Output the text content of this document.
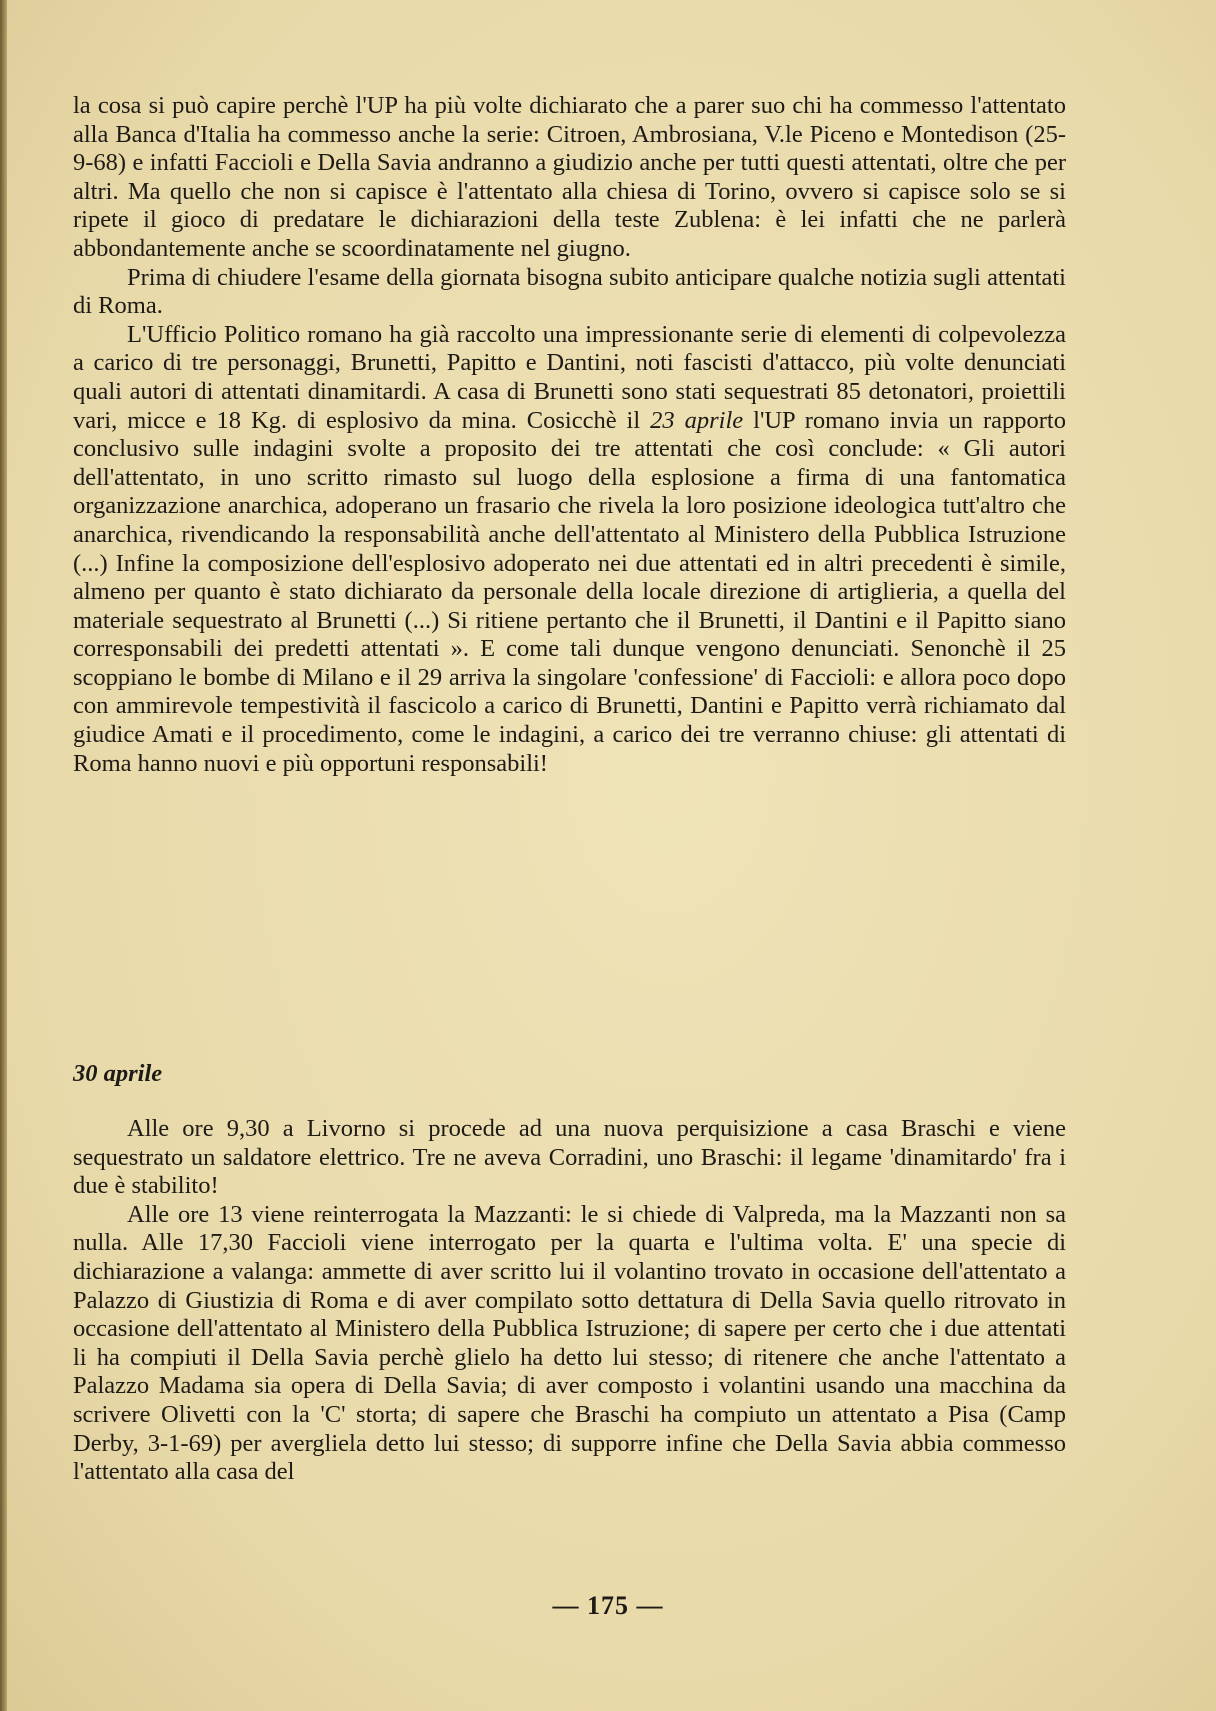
la cosa si può capire perchè l'UP ha più volte dichiarato che a parer suo chi ha commesso l'attentato alla Banca d'Italia ha commesso anche la serie: Citroen, Ambrosiana, V.le Piceno e Montedison (25-9-68) e infatti Faccioli e Della Savia andranno a giudizio anche per tutti questi attentati, oltre che per altri. Ma quello che non si capisce è l'attentato alla chiesa di Torino, ovvero si capisce solo se si ripete il gioco di predatare le dichiarazioni della teste Zublena: è lei infatti che ne parlerà abbondantemente anche se scoordinatamente nel giugno.

Prima di chiudere l'esame della giornata bisogna subito anticipare qualche notizia sugli attentati di Roma.

L'Ufficio Politico romano ha già raccolto una impressionante serie di elementi di colpevolezza a carico di tre personaggi, Brunetti, Papitto e Dantini, noti fascisti d'attacco, più volte denunciati quali autori di attentati dinamitardi. A casa di Brunetti sono stati sequestrati 85 detonatori, proiettili vari, micce e 18 Kg. di esplosivo da mina. Cosicchè il 23 aprile l'UP romano invia un rapporto conclusivo sulle indagini svolte a proposito dei tre attentati che così conclude: « Gli autori dell'attentato, in uno scritto rimasto sul luogo della esplosione a firma di una fantomatica organizzazione anarchica, adoperano un frasario che rivela la loro posizione ideologica tutt'altro che anarchica, rivendicando la responsabilità anche dell'attentato al Ministero della Pubblica Istruzione (...) Infine la composizione dell'esplosivo adoperato nei due attentati ed in altri precedenti è simile, almeno per quanto è stato dichiarato da personale della locale direzione di artiglieria, a quella del materiale sequestrato al Brunetti (...) Si ritiene pertanto che il Brunetti, il Dantini e il Papitto siano corresponsabili dei predetti attentati ». E come tali dunque vengono denunciati. Senonchè il 25 scoppiano le bombe di Milano e il 29 arriva la singolare 'confessione' di Faccioli: e allora poco dopo con ammirevole tempestività il fascicolo a carico di Brunetti, Dantini e Papitto verrà richiamato dal giudice Amati e il procedimento, come le indagini, a carico dei tre verranno chiuse: gli attentati di Roma hanno nuovi e più opportuni responsabili!

30 aprile

Alle ore 9,30 a Livorno si procede ad una nuova perquisizione a casa Braschi e viene sequestrato un saldatore elettrico. Tre ne aveva Corradini, uno Braschi: il legame 'dinamitardo' fra i due è stabilito!

Alle ore 13 viene reinterrogata la Mazzanti: le si chiede di Valpreda, ma la Mazzanti non sa nulla. Alle 17,30 Faccioli viene interrogato per la quarta e l'ultima volta. E' una specie di dichiarazione a valanga: ammette di aver scritto lui il volantino trovato in occasione dell'attentato a Palazzo di Giustizia di Roma e di aver compilato sotto dettatura di Della Savia quello ritrovato in occasione dell'attentato al Ministero della Pubblica Istruzione; di sapere per certo che i due attentati li ha compiuti il Della Savia perchè glielo ha detto lui stesso; di ritenere che anche l'attentato a Palazzo Madama sia opera di Della Savia; di aver composto i volantini usando una macchina da scrivere Olivetti con la 'C' storta; di sapere che Braschi ha compiuto un attentato a Pisa (Camp Derby, 3-1-69) per avergliela detto lui stesso; di supporre infine che Della Savia abbia commesso l'attentato alla casa del

— 175 —
